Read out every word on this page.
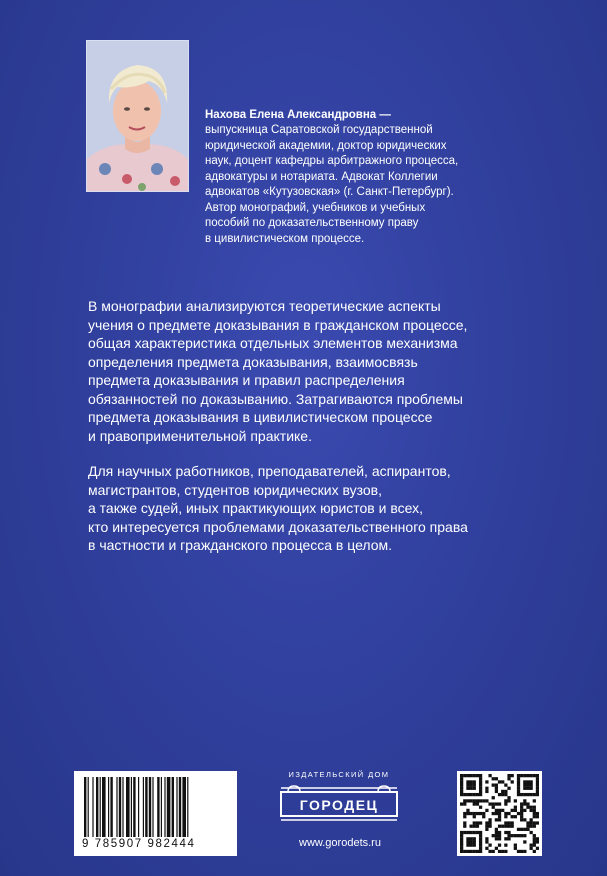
Нахова Елена Александровна —
выпускница Саратовской государственной
юридической академии, доктор юридических
наук, доцент кафедры арбитражного процесса,
адвокатуры и нотариата. Адвокат Коллегии
адвокатов «Кутузовская» (г. Санкт-Петербург).
Автор монографий, учебников и учебных
пособий по доказательственному праву
в цивилистическом процессе.
В монографии анализируются теоретические аспекты
учения о предмете доказывания в гражданском процессе,
общая характеристика отдельных элементов механизма
определения предмета доказывания, взаимосвязь
предмета доказывания и правил распределения
обязанностей по доказыванию. Затрагиваются проблемы
предмета доказывания в цивилистическом процессе
и правоприменительной практике.
Для научных работников, преподавателей, аспирантов,
магистрантов, студентов юридических вузов,
а также судей, иных практикующих юристов и всех,
кто интересуется проблемами доказательственного права
в частности и гражданского процесса в целом.
9 785907 982444
ИЗДАТЕЛЬСКИЙ ДОМ
ГОРОДЕЦ
www.gorodets.ru
